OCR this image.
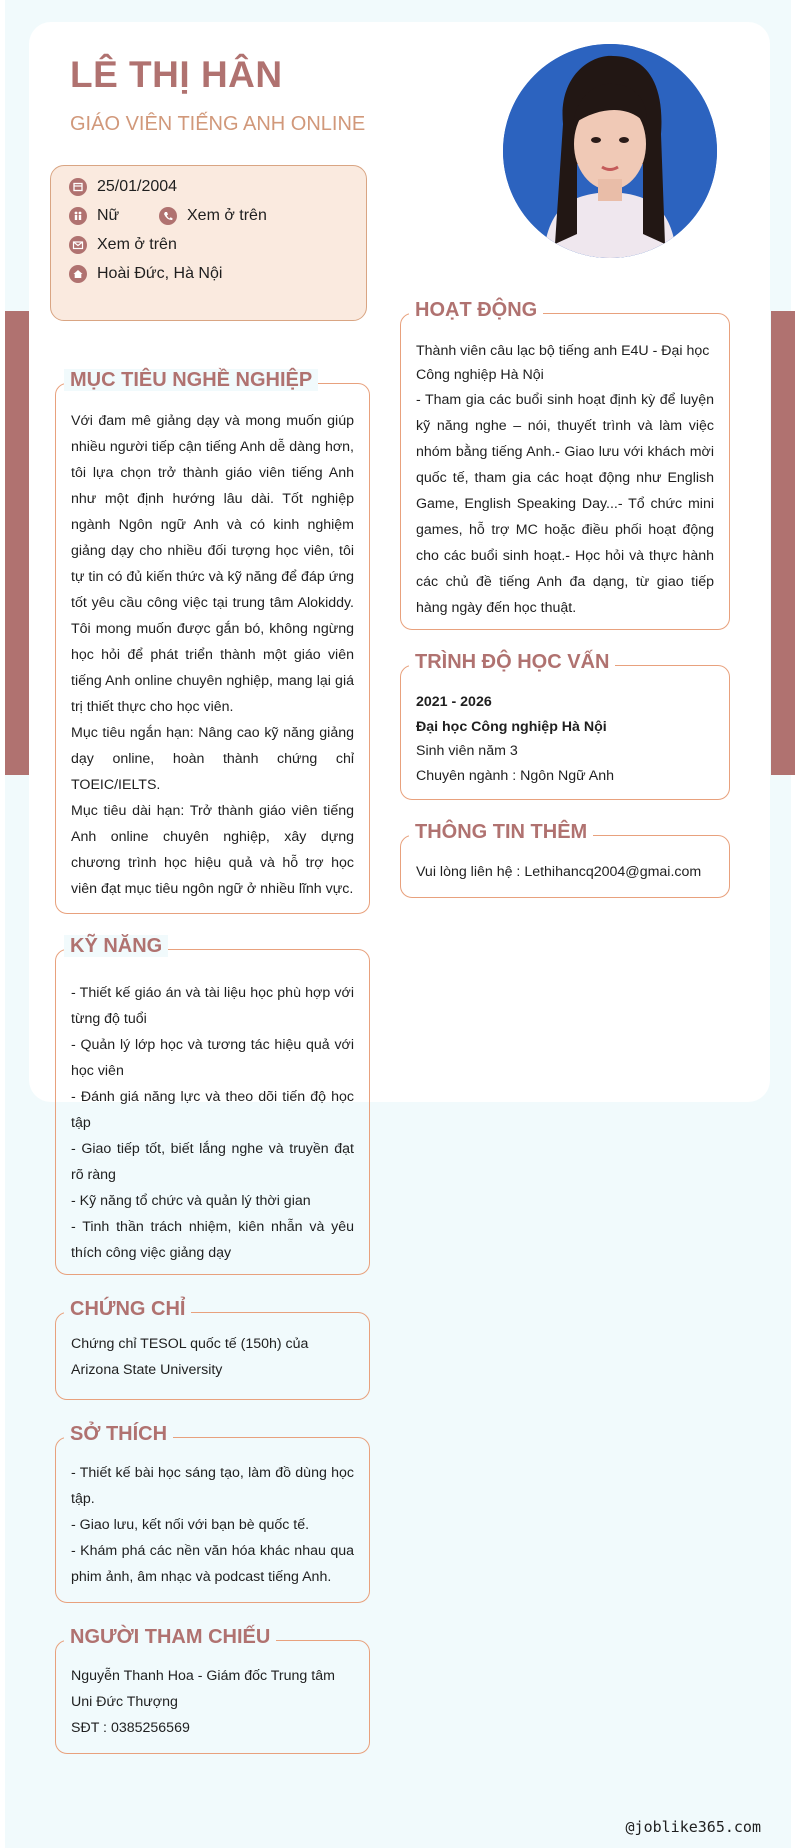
LÊ THỊ HÂN
GIÁO VIÊN TIẾNG ANH ONLINE
25/01/2004
Nữ	Xem ở trên
Xem ở trên
Hoài Đức, Hà Nội
MỤC TIÊU NGHỀ NGHIỆP

Với đam mê giảng dạy và mong muốn giúp nhiều người tiếp cận tiếng Anh dễ dàng hơn, tôi lựa chọn trở thành giáo viên tiếng Anh như một định hướng lâu dài. Tốt nghiệp ngành Ngôn ngữ Anh và có kinh nghiệm giảng dạy cho nhiều đối tượng học viên, tôi tự tin có đủ kiến thức và kỹ năng để đáp ứng tốt yêu cầu công việc tại trung tâm Alokiddy. Tôi mong muốn được gắn bó, không ngừng học hỏi để phát triển thành một giáo viên tiếng Anh online chuyên nghiệp, mang lại giá trị thiết thực cho học viên.

Mục tiêu ngắn hạn: Nâng cao kỹ năng giảng dạy online, hoàn thành chứng chỉ TOEIC/IELTS.

Mục tiêu dài hạn: Trở thành giáo viên tiếng Anh online chuyên nghiệp, xây dựng chương trình học hiệu quả và hỗ trợ học viên đạt mục tiêu ngôn ngữ ở nhiều lĩnh vực.

KỸ NĂNG

- Thiết kế giáo án và tài liệu học phù hợp với từng độ tuổi

- Quản lý lớp học và tương tác hiệu quả với học viên

- Đánh giá năng lực và theo dõi tiến độ học tập

- Giao tiếp tốt, biết lắng nghe và truyền đạt rõ ràng

- Kỹ năng tổ chức và quản lý thời gian

- Tinh thần trách nhiệm, kiên nhẫn và yêu thích công việc giảng dạy

CHỨNG CHỈ
Chứng chỉ TESOL quốc tế (150h) của Arizona State University
SỞ THÍCH

- Thiết kế bài học sáng tạo, làm đồ dùng học tập.

- Giao lưu, kết nối với bạn bè quốc tế.

- Khám phá các nền văn hóa khác nhau qua phim ảnh, âm nhạc và podcast tiếng Anh.

NGƯỜI THAM CHIẾU

Nguyễn Thanh Hoa - Giám đốc Trung tâm Uni Đức Thượng

SĐT : 0385256569

HOẠT ĐỘNG

Thành viên câu lạc bộ tiếng anh E4U - Đại học Công nghiệp Hà Nội

- Tham gia các buổi sinh hoạt định kỳ để luyện kỹ năng nghe – nói, thuyết trình và làm việc nhóm bằng tiếng Anh.- Giao lưu với khách mời quốc tế, tham gia các hoạt động như English Game, English Speaking Day...- Tổ chức mini games, hỗ trợ MC hoặc điều phối hoạt động cho các buổi sinh hoạt.- Học hỏi và thực hành các chủ đề tiếng Anh đa dạng, từ giao tiếp hàng ngày đến học thuật.

TRÌNH ĐỘ HỌC VẤN

2021 - 2026

Đại học Công nghiệp Hà Nội

Sinh viên năm 3

Chuyên ngành : Ngôn Ngữ Anh

THÔNG TIN THÊM
Vui lòng liên hệ : Lethihancq2004@gmai.com
@joblike365.com
